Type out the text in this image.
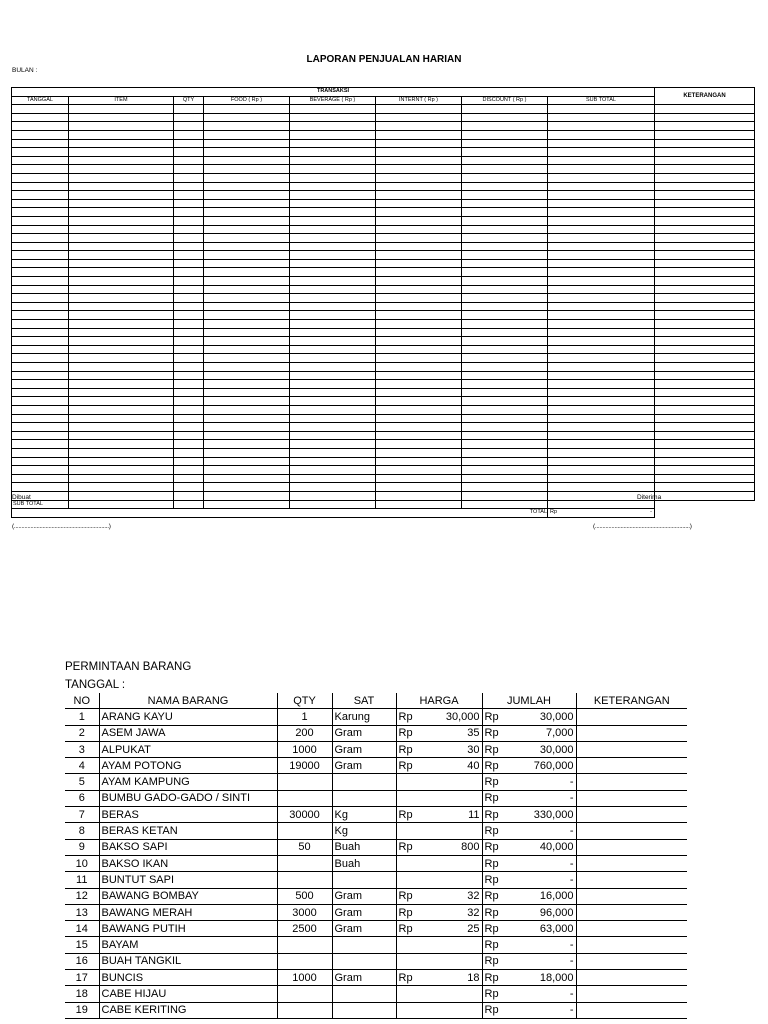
LAPORAN PENJUALAN HARIAN
BULAN :
TRANSAKSI								KETERANGAN
TANGGAL	ITEM	QTY	FOOD ( Rp )	BEVERAGE ( Rp )	INTERNT ( Rp )	DISCOUNT ( Rp )	SUB TOTAL	

SUB TOTAL								
TOTAL							Rp -	

Dibuat	Diterima
(...............................................................)	(...............................................................)
PERMINTAAN BARANG
TANGGAL :
NO	NAMA BARANG	QTY	SAT	HARGA		JUMLAH		KETERANGAN
1	ARANG KAYU	1	Karung	Rp	30,000	Rp	30,000	
2	ASEM JAWA	200	Gram	Rp	35	Rp	7,000	
3	ALPUKAT	1000	Gram	Rp	30	Rp	30,000	
4	AYAM POTONG	19000	Gram	Rp	40	Rp	760,000	
5	AYAM KAMPUNG					Rp	-	
6	BUMBU GADO-GADO / SINTI					Rp	-	
7	BERAS	30000	Kg	Rp	11	Rp	330,000	
8	BERAS KETAN		Kg			Rp	-	
9	BAKSO SAPI	50	Buah	Rp	800	Rp	40,000	
10	BAKSO IKAN		Buah			Rp	-	
11	BUNTUT SAPI					Rp	-	
12	BAWANG BOMBAY	500	Gram	Rp	32	Rp	16,000	
13	BAWANG MERAH	3000	Gram	Rp	32	Rp	96,000	
14	BAWANG PUTIH	2500	Gram	Rp	25	Rp	63,000	
15	BAYAM					Rp	-	
16	BUAH TANGKIL					Rp	-	
17	BUNCIS	1000	Gram	Rp	18	Rp	18,000	
18	CABE HIJAU					Rp	-	
19	CABE KERITING					Rp	-	
